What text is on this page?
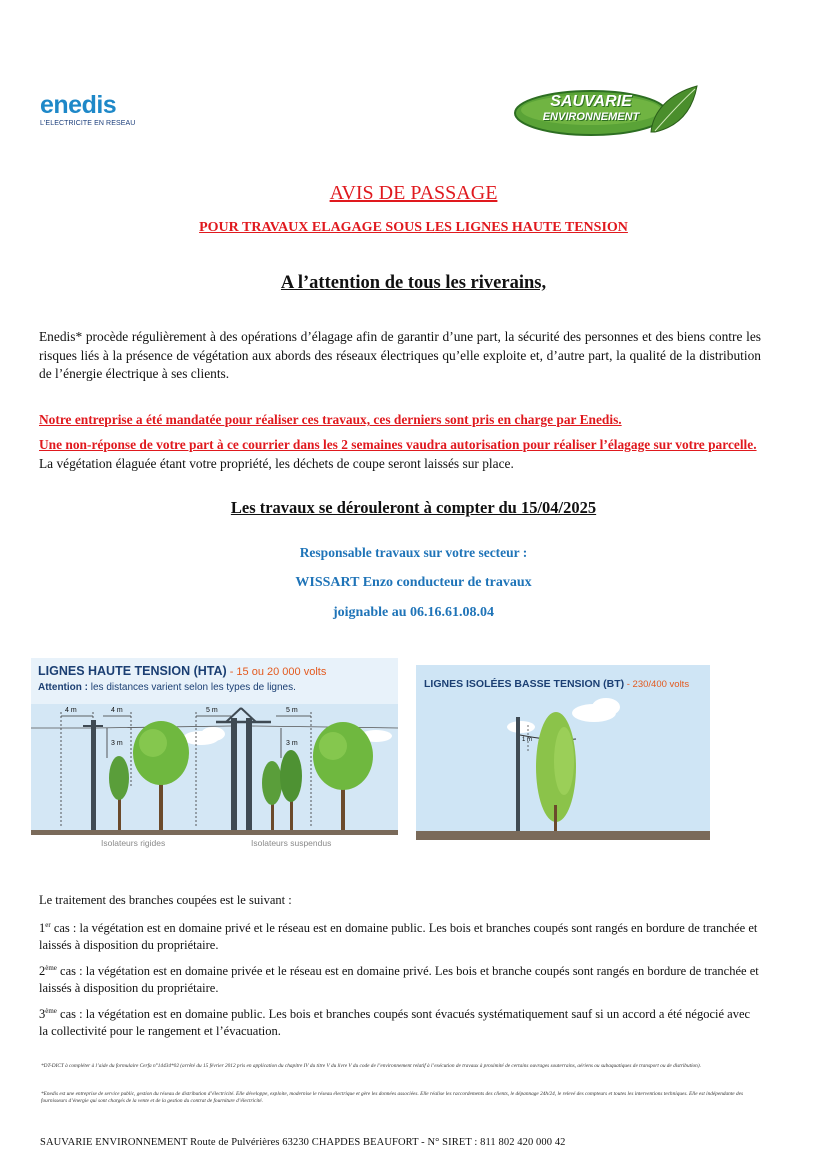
enedis
L'ELECTRICITE EN RESEAU
SAUVARIE
ENVIRONNEMENT
AVIS DE PASSAGE
POUR TRAVAUX ELAGAGE SOUS LES LIGNES HAUTE TENSION
A l’attention de tous les riverains,
Enedis* procède régulièrement à des opérations d’élagage afin de garantir d’une part, la sécurité des personnes et des biens contre les risques liés à la présence de végétation aux abords des réseaux électriques qu’elle exploite et, d’autre part, la qualité de la distribution de l’énergie électrique à ses clients.
Notre entreprise a été mandatée pour réaliser ces travaux, ces derniers sont pris en charge par Enedis.
Une non-réponse de votre part à ce courrier dans les 2 semaines vaudra autorisation pour réaliser l’élagage sur votre parcelle. La végétation élaguée étant votre propriété, les déchets de coupe seront laissés sur place.
Les travaux se dérouleront à compter du 15/04/2025
Responsable travaux sur votre secteur :
WISSART Enzo conducteur de travaux
joignable au 06.16.61.08.04
LIGNES HAUTE TENSION (HTA) - 15 ou 20 000 volts
Attention : les distances varient selon les types de lignes.
4 m	4 m
3 m
5 m	5 m
3 m
Isolateurs rigides	Isolateurs suspendus
LIGNES ISOLÉES BASSE TENSION (BT) - 230/400 volts
1 m
Le traitement des branches coupées est le suivant :
1er cas : la végétation est en domaine privé et le réseau est en domaine public. Les bois et branches coupés sont rangés en bordure de tranchée et laissés à disposition du propriétaire.
2ème cas : la végétation est en domaine privée et le réseau est en domaine privé. Les bois et branche coupés sont rangés en bordure de tranchée et laissés à disposition du propriétaire.
3ème cas : la végétation est en domaine public. Les bois et branches coupés sont évacués systématiquement sauf si un accord a été négocié avec la collectivité pour le rangement et l’évacuation.
*DT-DICT à compléter à l’aide du formulaire Cerfa n°14434*02 (arrêté du 15 février 2012 pris en application du chapitre IV du titre V du livre V du code de l’environnement relatif à l’exécution de travaux à proximité de certains ouvrages souterrains, aériens ou subaquatiques de transport ou de distribution).
*Enedis est une entreprise de service public, gestion du réseau de distribution d’électricité. Elle développe, exploite, modernise le réseau électrique et gère les données associées. Elle réalise les raccordements des clients, le dépannage 24h/24, le relevé des compteurs et toutes les interventions techniques. Elle est indépendante des fournisseurs d’énergie qui sont chargés de la vente et de la gestion du contrat de fourniture d’électricité.
SAUVARIE ENVIRONNEMENT Route de Pulvérières 63230 CHAPDES BEAUFORT - N° SIRET : 811 802 420 000 42
